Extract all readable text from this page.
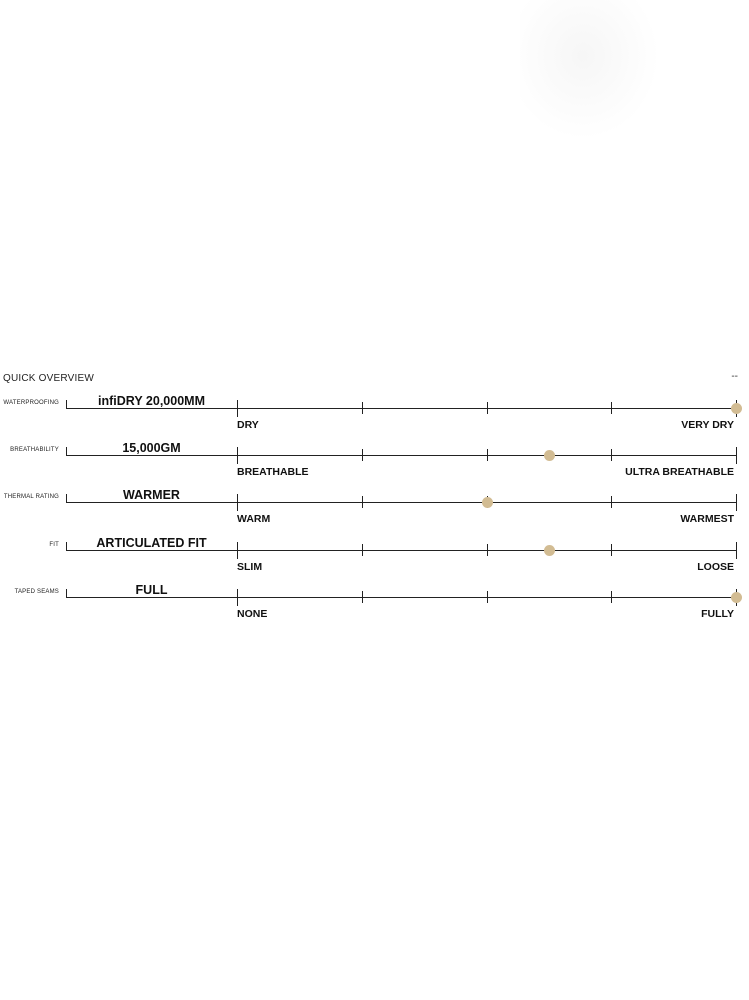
QUICK OVERVIEW	--
WATERPROOFING	infiDRY 20,000MM
DRY	VERY DRY
BREATHABILITY	15,000GM
BREATHABLE	ULTRA BREATHABLE
THERMAL RATING	WARMER
WARM	WARMEST
FIT	ARTICULATED FIT
SLIM	LOOSE
TAPED SEAMS	FULL
NONE	FULLY
